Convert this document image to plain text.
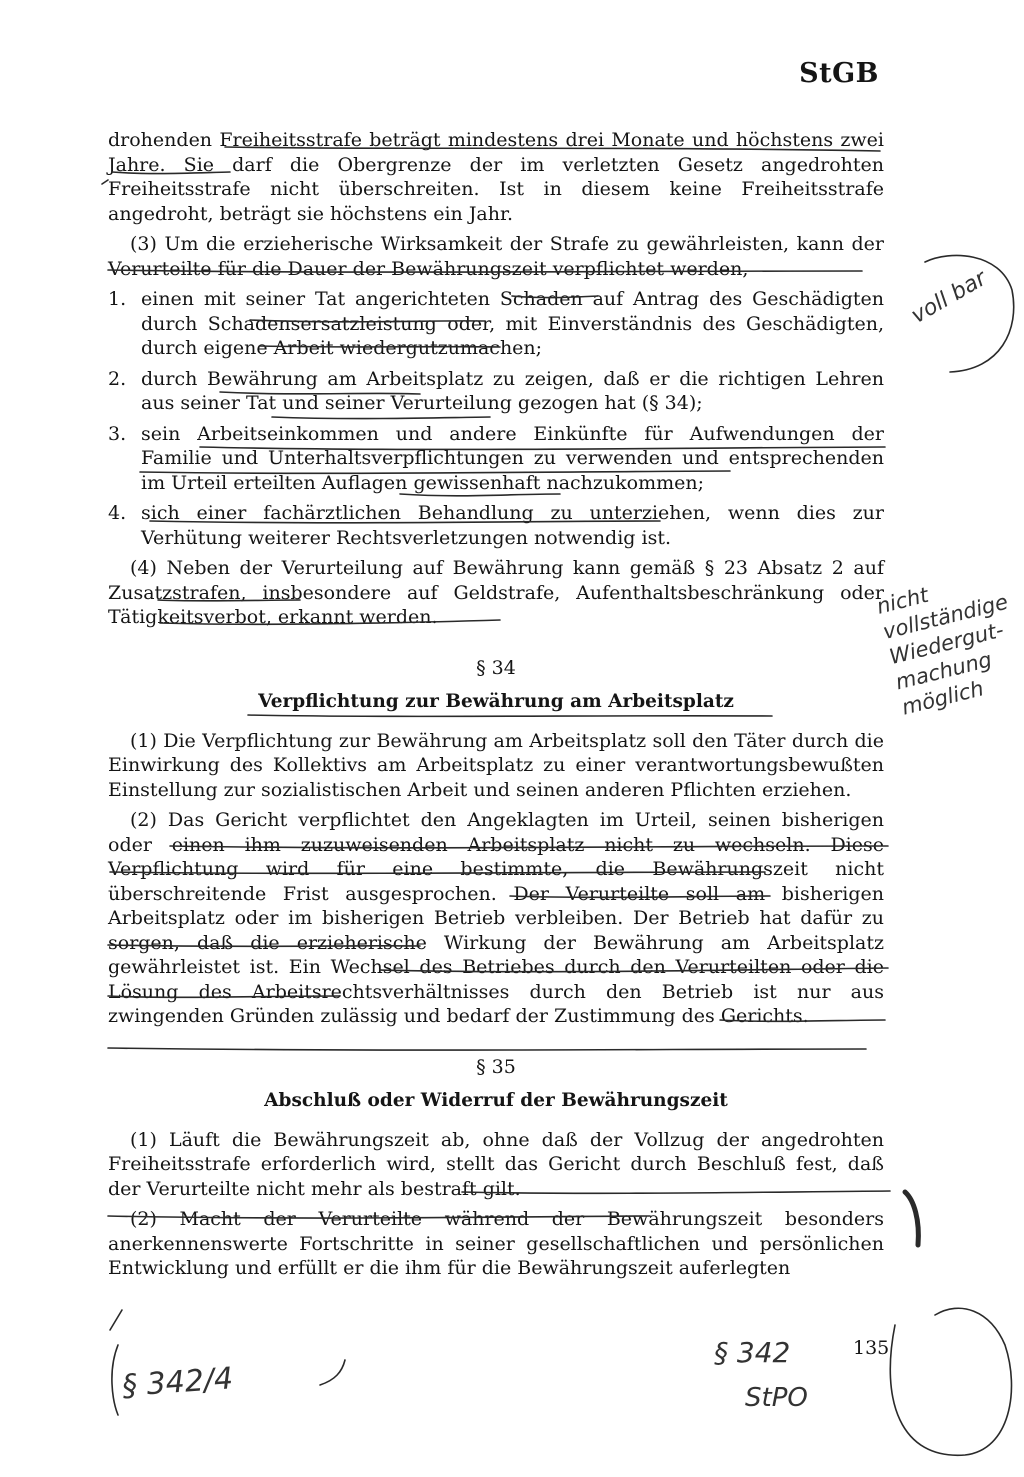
StGB

drohenden Freiheitsstrafe beträgt mindestens drei Monate und höchstens zwei Jahre. Sie darf die Obergrenze der im verletzten Gesetz angedrohten Freiheitsstrafe nicht überschreiten. Ist in diesem keine Freiheitsstrafe angedroht, beträgt sie höchstens ein Jahr.

(3) Um die erzieherische Wirksamkeit der Strafe zu gewährleisten, kann der Verurteilte für die Dauer der Bewährungszeit verpflichtet werden,

1. einen mit seiner Tat angerichteten Schaden auf Antrag des Geschädigten durch Schadensersatzleistung oder, mit Einverständnis des Geschädigten, durch eigene Arbeit wiedergutzumachen;
2. durch Bewährung am Arbeitsplatz zu zeigen, daß er die richtigen Lehren aus seiner Tat und seiner Verurteilung gezogen hat (§ 34);
3. sein Arbeitseinkommen und andere Einkünfte für Aufwendungen der Familie und Unterhaltsverpflichtungen zu verwenden und entsprechenden im Urteil erteilten Auflagen gewissenhaft nachzukommen;
4. sich einer fachärztlichen Behandlung zu unterziehen, wenn dies zur Verhütung weiterer Rechtsverletzungen notwendig ist.

(4) Neben der Verurteilung auf Bewährung kann gemäß § 23 Absatz 2 auf Zusatzstrafen, insbesondere auf Geldstrafe, Aufenthaltsbeschränkung oder Tätigkeitsverbot, erkannt werden.

§ 34
Verpflichtung zur Bewährung am Arbeitsplatz

(1) Die Verpflichtung zur Bewährung am Arbeitsplatz soll den Täter durch die Einwirkung des Kollektivs am Arbeitsplatz zu einer verantwortungsbewußten Einstellung zur sozialistischen Arbeit und seinen anderen Pflichten erziehen.

(2) Das Gericht verpflichtet den Angeklagten im Urteil, seinen bisherigen oder einen ihm zuzuweisenden Arbeitsplatz nicht zu wechseln. Diese Verpflichtung wird für eine bestimmte, die Bewährungszeit nicht überschreitende Frist ausgesprochen. Der Verurteilte soll am bisherigen Arbeitsplatz oder im bisherigen Betrieb verbleiben. Der Betrieb hat dafür zu sorgen, daß die erzieherische Wirkung der Bewährung am Arbeitsplatz gewährleistet ist. Ein Wechsel des Betriebes durch den Verurteilten oder die Lösung des Arbeitsrechtsverhältnisses durch den Betrieb ist nur aus zwingenden Gründen zulässig und bedarf der Zustimmung des Gerichts.

§ 35
Abschluß oder Widerruf der Bewährungszeit

(1) Läuft die Bewährungszeit ab, ohne daß der Vollzug der angedrohten Freiheitsstrafe erforderlich wird, stellt das Gericht durch Beschluß fest, daß der Verurteilte nicht mehr als bestraft gilt.

(2) Macht der Verurteilte während der Bewährungszeit besonders anerkennenswerte Fortschritte in seiner gesellschaftlichen und persönlichen Entwicklung und erfüllt er die ihm für die Bewährungszeit auferlegten

135
voll bar
nicht vollständige Wiedergut- machung möglich
§ 342/4
§ 342
StPO
